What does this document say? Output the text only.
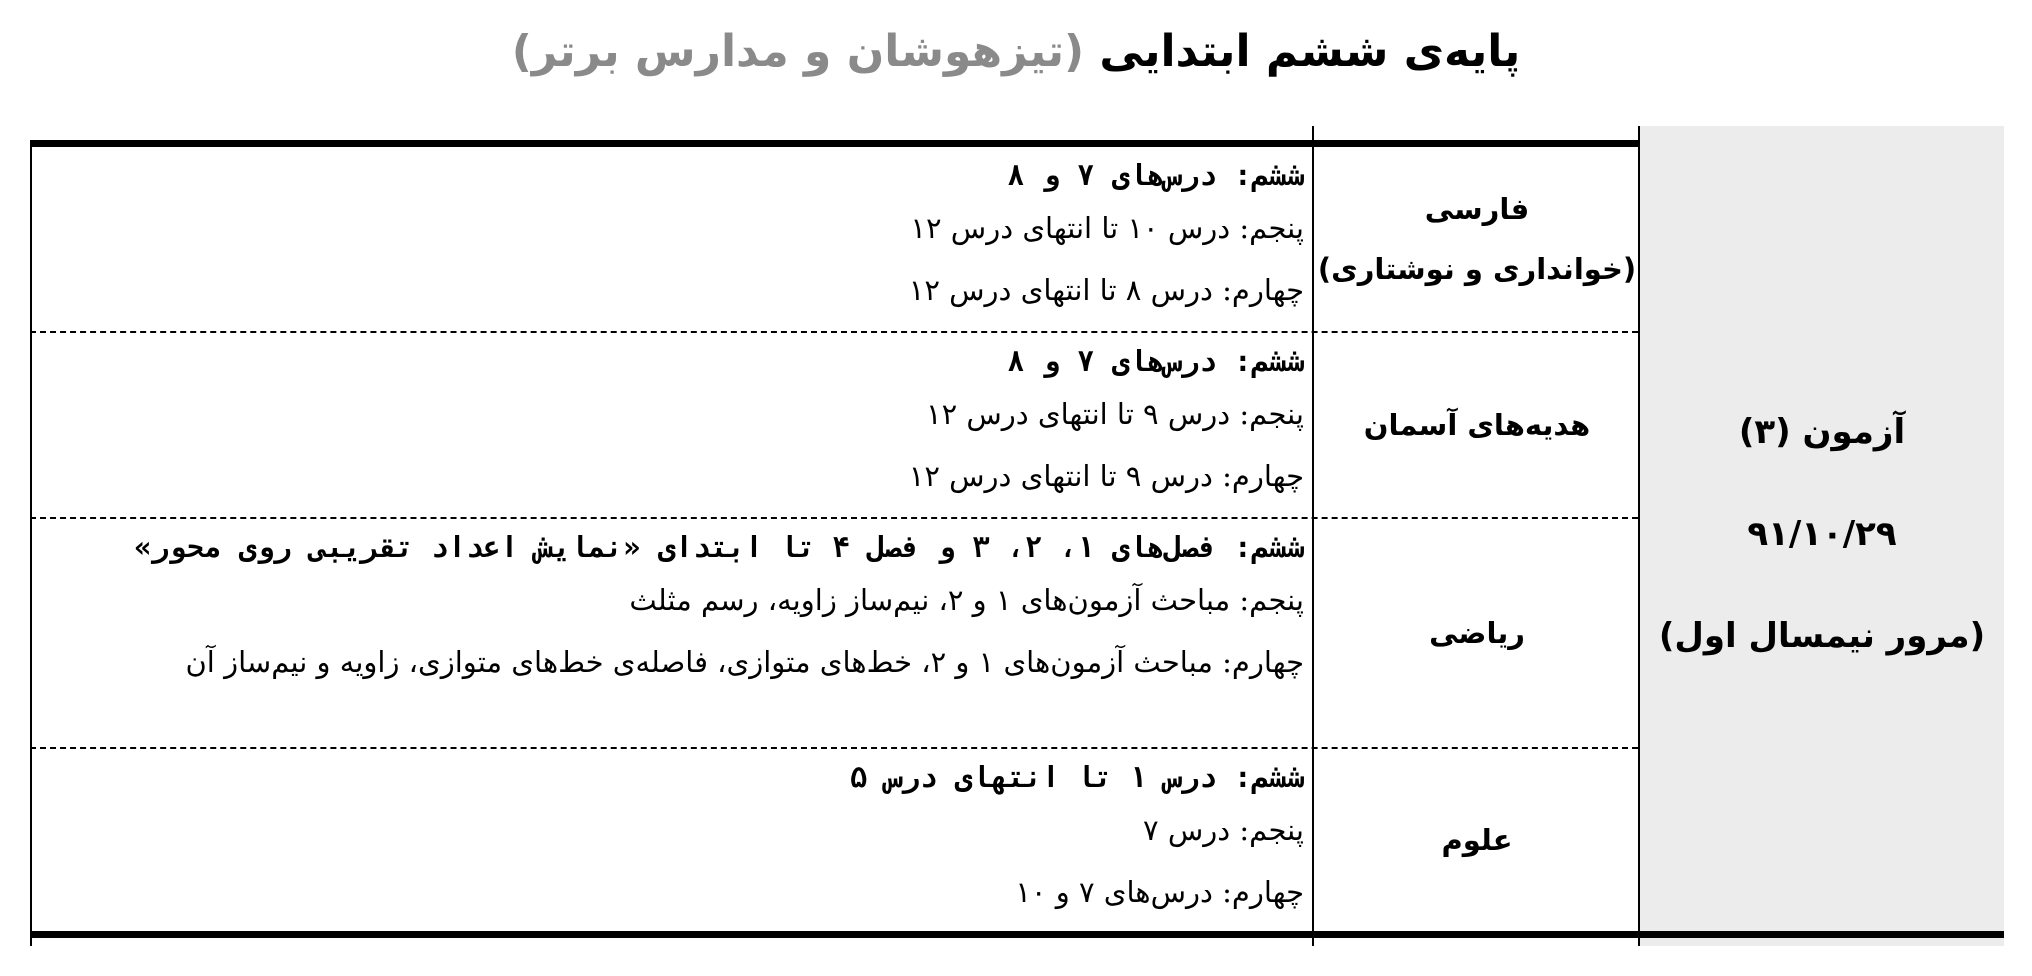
پایه‌ی ششم ابتدایی (تیزهوشان و مدارس برتر)
آزمون (۳)
۹۱/۱۰/۲۹
(مرور نیمسال اول)
فارسی
(خوانداری و نوشتاری)
ششم: درس‌های ۷ و ۸
پنجم: درس ۱۰ تا انتهای درس ۱۲
چهارم: درس ۸ تا انتهای درس ۱۲
هدیه‌های آسمان
ششم: درس‌های ۷ و ۸
پنجم: درس ۹ تا انتهای درس ۱۲
چهارم: درس ۹ تا انتهای درس ۱۲
ریاضی
ششم: فصل‌های ۱، ۲، ۳ و فصل ۴ تا ابتدای «نمایش اعداد تقریبی روی محور»
پنجم: مباحث آزمون‌های ۱ و ۲، نیم‌ساز زاویه، رسم مثلث
چهارم: مباحث آزمون‌های ۱ و ۲، خط‌های متوازی، فاصله‌ی خط‌های متوازی، زاویه و نیم‌ساز آن
علوم
ششم: درس ۱ تا انتهای درس ۵
پنجم: درس ۷
چهارم: درس‌های ۷ و ۱۰
